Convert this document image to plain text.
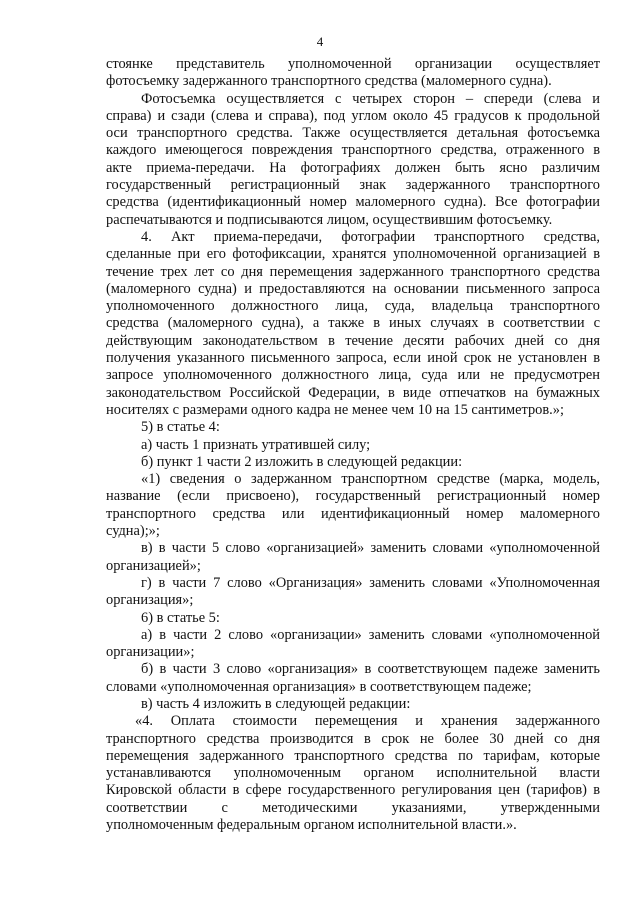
4
стоянке представитель уполномоченной организации осуществляет
фотосъемку задержанного транспортного средства (маломерного судна).
Фотосъемка осуществляется с четырех сторон – спереди (слева и
справа) и сзади (слева и справа), под углом около 45 градусов к продольной
оси транспортного средства. Также осуществляется детальная фотосъемка
каждого имеющегося повреждения транспортного средства, отраженного в
акте приема-передачи. На фотографиях должен быть ясно различим
государственный регистрационный знак задержанного транспортного
средства (идентификационный номер маломерного судна). Все фотографии
распечатываются и подписываются лицом, осуществившим фотосъемку.
4. Акт приема-передачи, фотографии транспортного средства,
сделанные при его фотофиксации, хранятся уполномоченной организацией в
течение трех лет со дня перемещения задержанного транспортного средства
(маломерного судна) и предоставляются на основании письменного запроса
уполномоченного должностного лица, суда, владельца транспортного
средства (маломерного судна), а также в иных случаях в соответствии с
действующим законодательством в течение десяти рабочих дней со дня
получения указанного письменного запроса, если иной срок не установлен в
запросе уполномоченного должностного лица, суда или не предусмотрен
законодательством Российской Федерации, в виде отпечатков на бумажных
носителях с размерами одного кадра не менее чем 10 на 15 сантиметров.»;
5) в статье 4:
а) часть 1 признать утратившей силу;
б) пункт 1 части 2 изложить в следующей редакции:
«1) сведения о задержанном транспортном средстве (марка, модель,
название (если присвоено), государственный регистрационный номер
транспортного средства или идентификационный номер маломерного
судна);»;
в) в части 5 слово «организацией» заменить словами «уполномоченной
организацией»;
г) в части 7 слово «Организация» заменить словами «Уполномоченная
организация»;
6) в статье 5:
а) в части 2 слово «организации» заменить словами «уполномоченной
организации»;
б) в части 3 слово «организация» в соответствующем падеже заменить
словами «уполномоченная организация» в соответствующем падеже;
в) часть 4 изложить в следующей редакции:
«4. Оплата стоимости перемещения и хранения задержанного
транспортного средства производится в срок не более 30 дней со дня
перемещения задержанного транспортного средства по тарифам, которые
устанавливаются уполномоченным органом исполнительной власти
Кировской области в сфере государственного регулирования цен (тарифов) в
соответствии с методическими указаниями, утвержденными
уполномоченным федеральным органом исполнительной власти.».
